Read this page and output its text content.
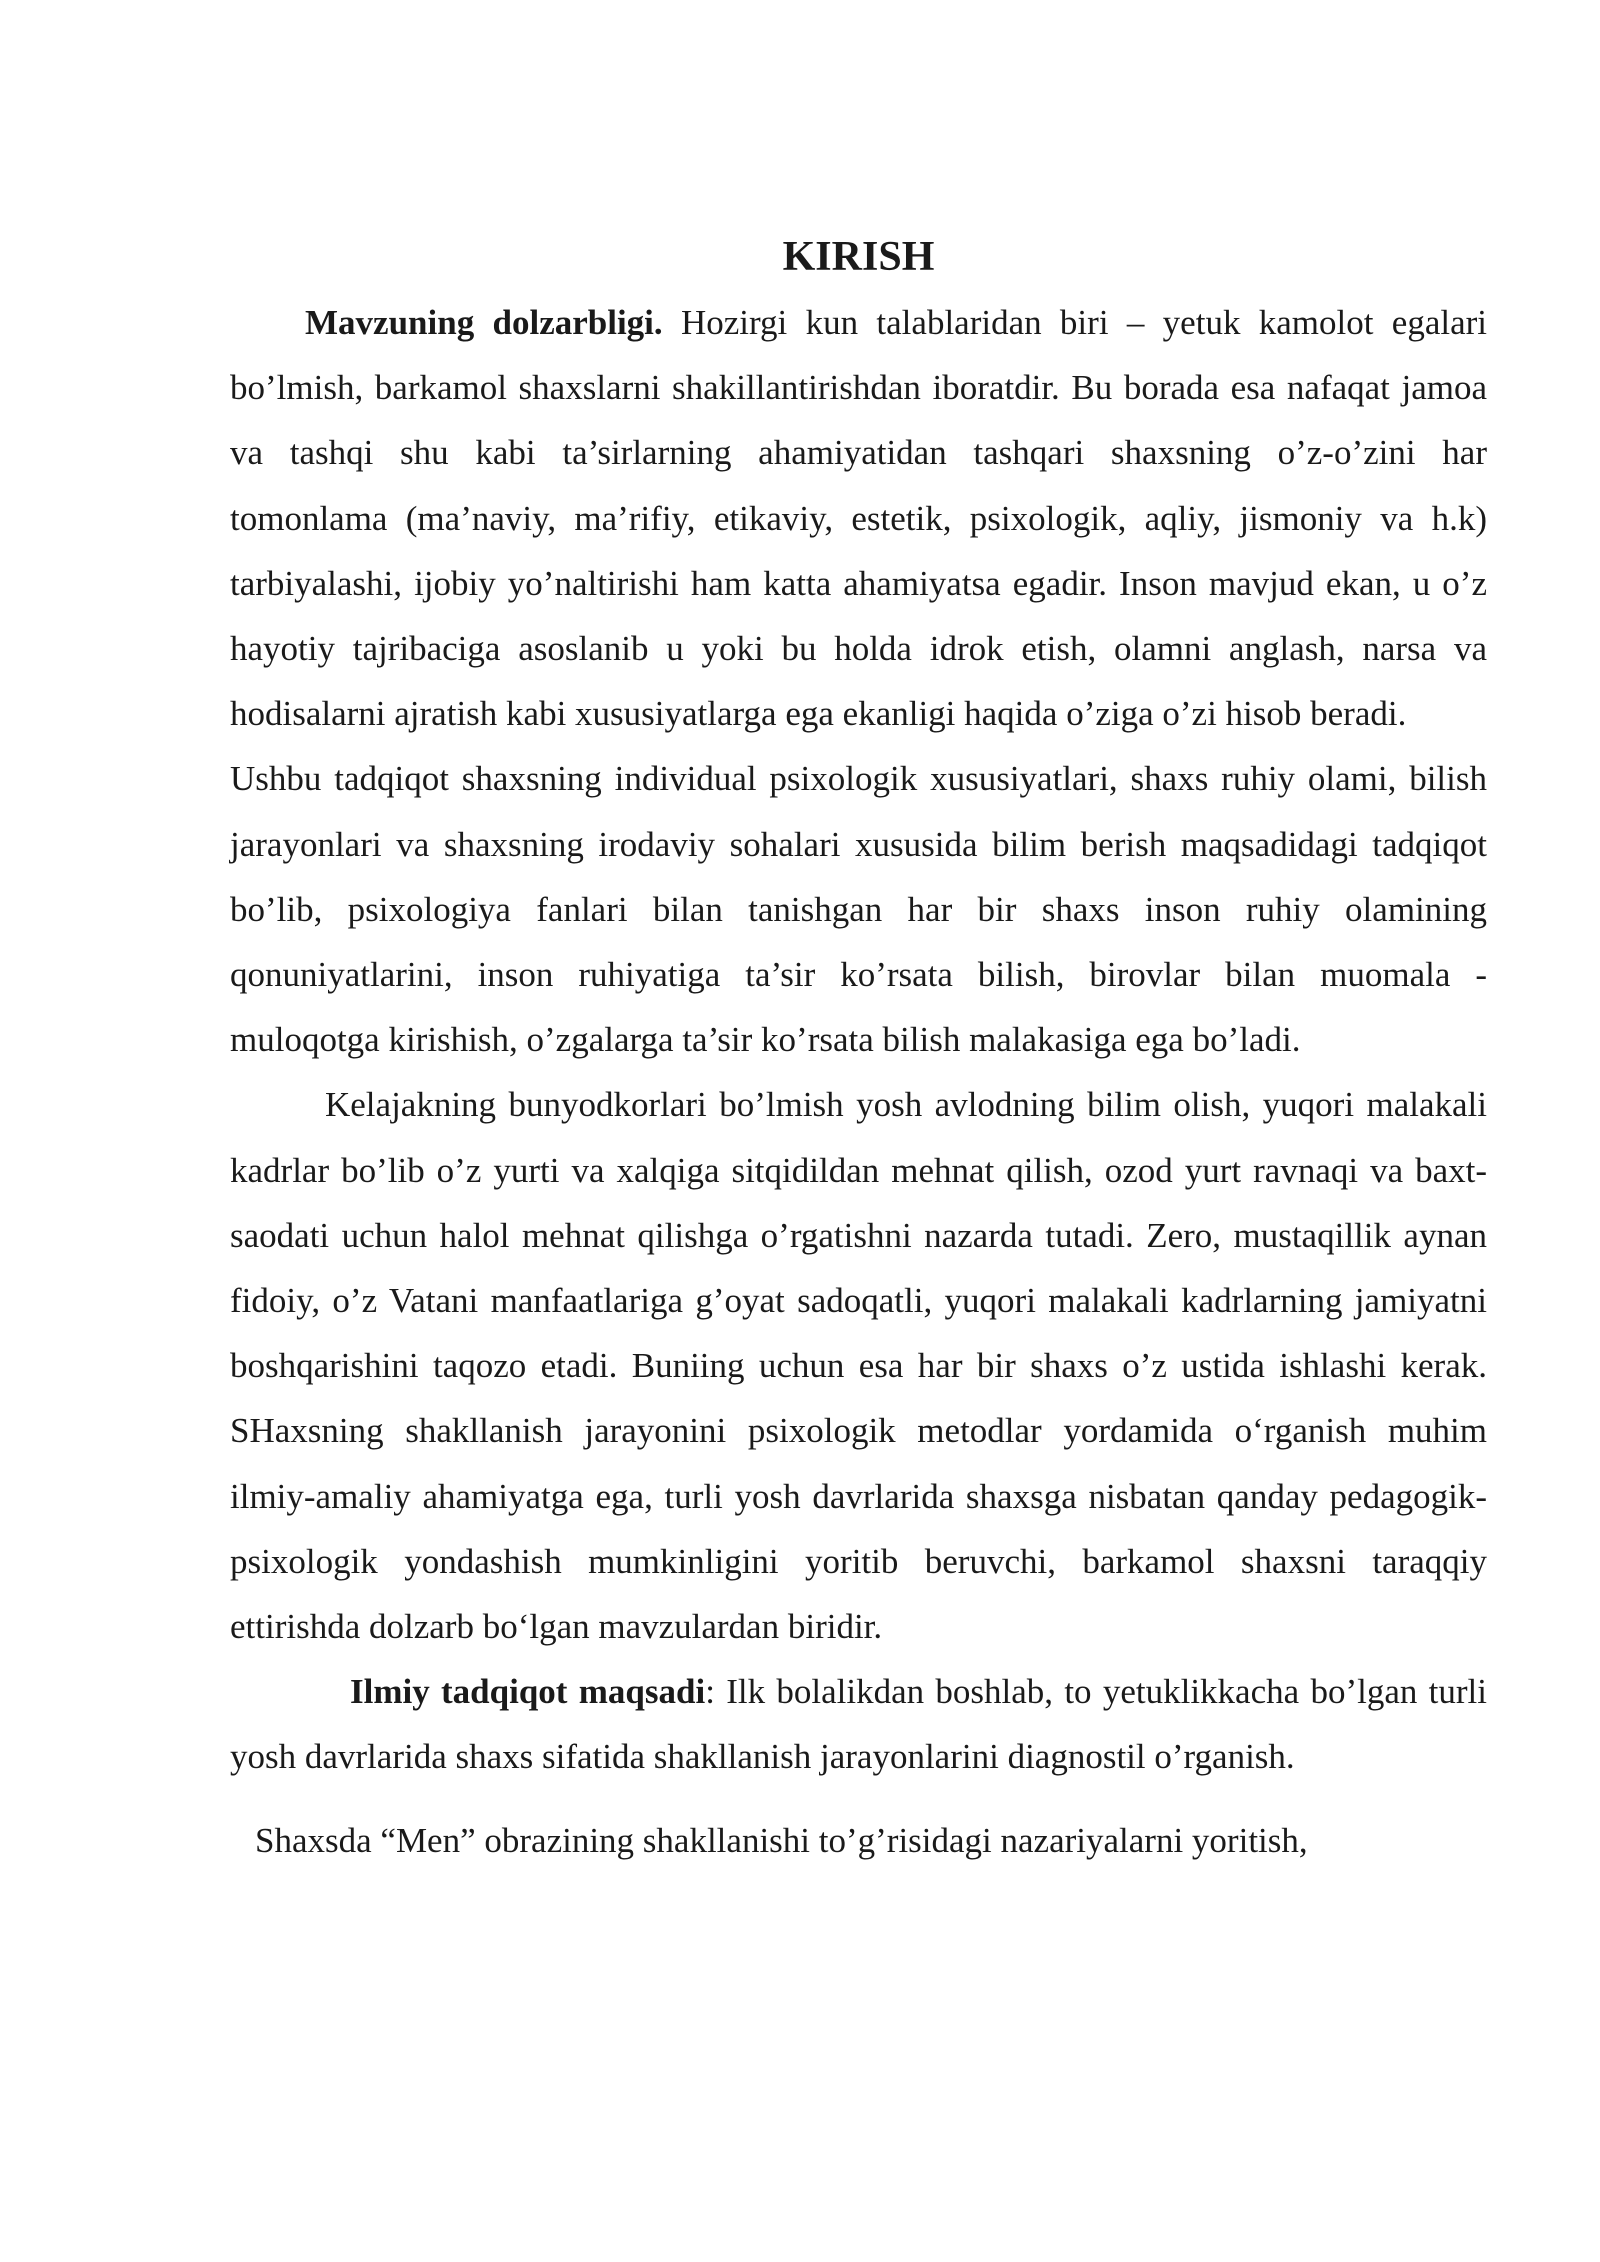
KIRISH

Mavzuning dolzarbligi. Hozirgi kun talablaridan biri – yetuk kamolot egalari bo’lmish, barkamol shaxslarni shakillantirishdan iboratdir. Bu borada esa nafaqat jamoa va tashqi shu kabi ta’sirlarning ahamiyatidan tashqari shaxsning o’z-o’zini har tomonlama (ma’naviy, ma’rifiy, etikaviy, estetik, psixologik, aqliy, jismoniy va h.k) tarbiyalashi, ijobiy yo’naltirishi ham katta ahamiyatsa egadir. Inson mavjud ekan, u o’z hayotiy tajribaciga asoslanib u yoki bu holda idrok etish, olamni anglash, narsa va hodisalarni ajratish kabi xususiyatlarga ega ekanligi haqida o’ziga o’zi hisob beradi.

Ushbu tadqiqot shaxsning individual psixologik xususiyatlari, shaxs ruhiy olami, bilish jarayonlari va shaxsning irodaviy sohalari xususida bilim berish maqsadidagi tadqiqot bo’lib, psixologiya fanlari bilan tanishgan har bir shaxs inson ruhiy olamining qonuniyatlarini, inson ruhiyatiga ta’sir ko’rsata bilish, birovlar bilan muomala - muloqotga kirishish, o’zgalarga ta’sir ko’rsata bilish malakasiga ega bo’ladi.

Kelajakning bunyodkorlari bo’lmish yosh avlodning bilim olish, yuqori malakali kadrlar bo’lib o’z yurti va xalqiga sitqidildan mehnat qilish, ozod yurt ravnaqi va baxt-saodati uchun halol mehnat qilishga o’rgatishni nazarda tutadi. Zero, mustaqillik aynan fidoiy, o’z Vatani manfaatlariga g’oyat sadoqatli, yuqori malakali kadrlarning jamiyatni boshqarishini taqozo etadi. Buniing uchun esa har bir shaxs o’z ustida ishlashi kerak. SHaxsning shakllanish jarayonini psixologik metodlar yordamida o‘rganish muhim ilmiy-amaliy ahamiyatga ega, turli yosh davrlarida shaxsga nisbatan qanday pedagogik-psixologik yondashish mumkinligini yoritib beruvchi, barkamol shaxsni taraqqiy ettirishda dolzarb bo‘lgan mavzulardan biridir.

Ilmiy tadqiqot maqsadi: Ilk bolalikdan boshlab, to yetuklikkacha bo’lgan turli yosh davrlarida shaxs sifatida shakllanish jarayonlarini diagnostil o’rganish.

Shaxsda “Men” obrazining shakllanishi to’g’risidagi nazariyalarni yoritish,
